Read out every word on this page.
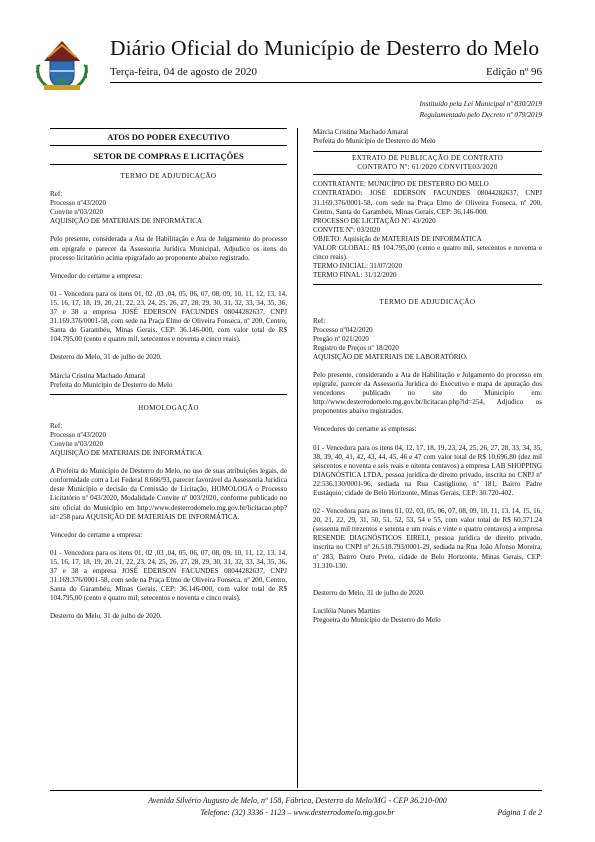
Diário Oficial do Município de Desterro do Melo
Terça-feira, 04 de agosto de 2020	Edição nº 96
Instituído pela Lei Municipal nº 830/2019
Regulamentado pelo Decreto nº 079/2019
ATOS DO PODER EXECUTIVO
SETOR DE COMPRAS E LICITAÇÕES

TERMO DE ADJUDICAÇÃO

Ref:

Processo nº43/2020

Convite nº03/2020

AQUISIÇÃO DE MATERIAIS DE INFORMÁTICA

Pelo presente, considerada a Ata de Habilitação e Ata de Julgamento do processo em epígrafe e parecer da Assessoria Jurídica Municipal, Adjudico os itens do processo licitatório acima epigrafado ao proponente abaixo registrado.

Vencedor do certame a empresa:

01 - Vencedora para os itens 01, 02 ,03 ,04, 05, 06, 07, 08, 09, 10, 11, 12, 13, 14, 15, 16, 17, 18, 19, 20, 21, 22, 23, 24, 25, 26, 27, 28, 29, 30, 31, 32, 33, 34, 35, 36, 37 e 38 a empresa JOSÉ EDERSON FACUNDES 08044282637, CNPJ 31.169.376/0001-58, com sede na Praça Elmo de Oliveira Fonseca, nº 200, Centro, Santa do Garambéu, Minas Gerais, CEP: 36.146-000, com valor total de R$ 104.795,00 (cento e quatro mil, setecentos e noventa e cinco reais).

Desterro do Melo, 31 de julho de 2020.

Márcia Cristina Machado Amaral

Prefeita do Município de Desterro do Melo

HOMOLOGAÇÃO

Ref:

Processo nº43/2020

Convite nº03/2020

AQUISIÇÃO DE MATERIAIS DE INFORMÁTICA

A Prefeita do Município de Desterro do Melo, no uso de suas atribuições legais, de conformidade com a Lei Federal 8.666/93, parecer favorável da Assessoria Jurídica deste Município e decisão da Comissão de Licitação, HOMOLOGA o Processo Licitatório nº 043/2020, Modalidade Convite nº 003/2020, conforme publicado no site oficial do Município em http://www.desterrodomelo.mg.gov.br/licitacao.php?id=258 para AQUISIÇÃO DE MATERIAIS DE INFORMÁTICA.

Vencedor do certame a empresa:

01 - Vencedora para os itens 01, 02 ,03 ,04, 05, 06, 07, 08, 09, 10, 11, 12, 13, 14, 15, 16, 17, 18, 19, 20, 21, 22, 23, 24, 25, 26, 27, 28, 29, 30, 31, 32, 33, 34, 35, 36, 37 e 38 a empresa JOSÉ EDERSON FACUNDES 08044282637, CNPJ 31.169.376/0001-58, com sede na Praça Elmo de Oliveira Fonseca, nº 200, Centro, Santa do Garambéu, Minas Gerais, CEP: 36.146-000, com valor total de R$ 104.795,00 (cento e quatro mil, setecentos e noventa e cinco reais).

Desterro do Melo, 31 de julho de 2020.

Márcia Cristina Machado Amaral

Prefeita do Município de Desterro do Melo

EXTRATO DE PUBLICAÇÃO DE CONTRATO
CONTRATO Nº: 61/2020 CONVITE03/2020

CONTRATANTE: MUNICÍPIO DE DESTERRO DO MELO

CONTRATADO: JOSÉ EDERSON FACUNDES 08044282637, CNPJ 31.169.376/0001-58, com sede na Praça Elmo de Oliveira Fonseca, nº 200, Centro, Santa do Garambéu, Minas Gerais, CEP: 36.146-000.

PROCESSO DE LICITAÇÃO Nº: 43/2020

CONVITE Nº: 03/2020

OBJETO: Aquisição de MATERIAIS DE INFORMÁTICA

VALOR GLOBAL: R$ 104.795,00 (cento e quatro mil, setecentos e noventa e cinco reais).

TERMO INICIAL: 31/07/2020

TERMO FINAL: 31/12/2020

TERMO DE ADJUDICAÇÃO

Ref:

Processo nº042/2020

Pregão nº 021/2020

Registro de Preços nº 18/2020

AQUISIÇÃO DE MATERIAIS DE LABORATÓRIO.

Pelo presente, considerando a Ata de Habilitação e Julgamento do processo em epígrafe, parecer da Assessoria Jurídica do Executivo e mapa de apuração dos vencedores publicado no site do Município em: http://www.desterrodomelo.mg.gov.br/licitacao.php?id=254, Adjudico os proponentes abaixo registrados.

Vencedores do certame as empresas:

01 - Vencedora para os itens 04, 12, 17, 18, 19, 23, 24, 25, 26, 27, 28, 33, 34, 35, 38, 39, 40, 41, 42, 43, 44, 45, 46 e 47 com valor total de R$ 10.696,80 (dez mil seiscentos e noventa e seis reais e oitenta centavos) a empresa LAB SHOPPING DIAGNÓSTICA LTDA, pessoa jurídica de direito privado, inscrita no CNPJ nº 22.536.130/0001-96, sediada na Rua Castiglione, nº 181, Bairro Padre Eustáquio, cidade de Belo Horizonte, Minas Gerais, CEP: 30.720-402.

02 - Vencedora para os itens 01, 02, 03, 05, 06, 07, 08, 09, 10, 11, 13, 14, 15, 16, 20, 21, 22, 29, 31, 50, 51, 52, 53, 54 e 55, com valor total de R$ 60.371,24 (sessenta mil trezentos e setenta e um reais e vinte e quatro centavos) a empresa RESENDE DIAGNÓSTICOS EIRELI, pessoa jurídica de direito privado, inscrita no CNPJ nº 26.518.793/0001-29, sediada na Rua João Afonso Moreira, nº 283, Bairro Ouro Preto, cidade de Belo Horizonte, Minas Gerais, CEP: 31.310-130.

Desterro do Melo, 31 de julho de 2020.

Luciléia Nunes Martins

Pregoeira do Município de Desterro do Melo

Avenida Silvério Augusto de Melo, nº 158, Fábrica, Desterro do Melo/MG - CEP 36.210-000
Telefone: (32) 3336 - 1123 – www.desterrodomelo.mg.gov.br	Página 1 de 2
